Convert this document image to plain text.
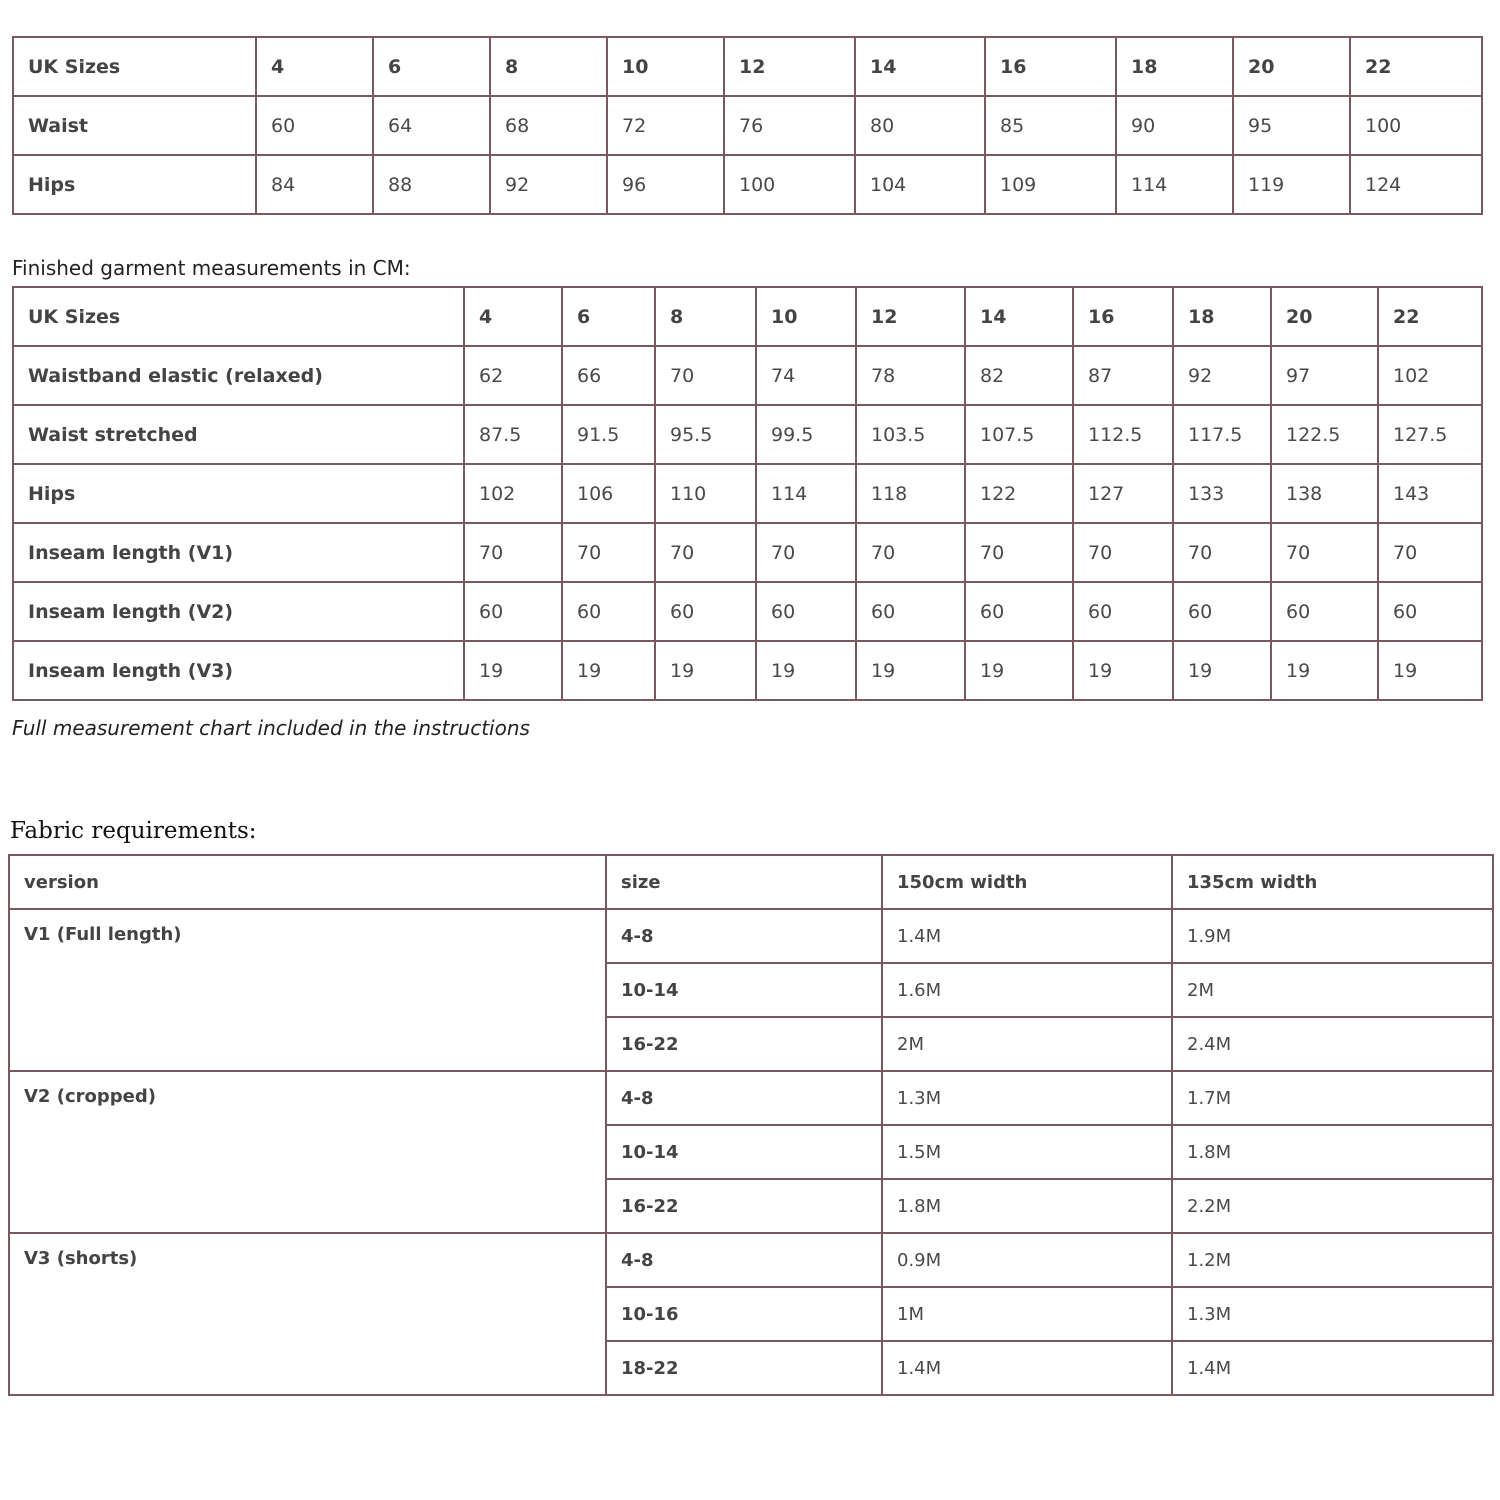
UK Sizes	4	6	8	10	12	14	16	18	20	22
Waist	60	64	68	72	76	80	85	90	95	100
Hips	84	88	92	96	100	104	109	114	119	124
Finished garment measurements in CM:
UK Sizes	4	6	8	10	12	14	16	18	20	22
Waistband elastic (relaxed)	62	66	70	74	78	82	87	92	97	102
Waist stretched	87.5	91.5	95.5	99.5	103.5	107.5	112.5	117.5	122.5	127.5
Hips	102	106	110	114	118	122	127	133	138	143
Inseam length (V1)	70	70	70	70	70	70	70	70	70	70
Inseam length (V2)	60	60	60	60	60	60	60	60	60	60
Inseam length (V3)	19	19	19	19	19	19	19	19	19	19
Full measurement chart included in the instructions
Fabric requirements:
version	size	150cm width	135cm width
V1 (Full length)	4-8	1.4M	1.9M
	10-14	1.6M	2M
	16-22	2M	2.4M
V2 (cropped)	4-8	1.3M	1.7M
	10-14	1.5M	1.8M
	16-22	1.8M	2.2M
V3 (shorts)	4-8	0.9M	1.2M
	10-16	1M	1.3M
	18-22	1.4M	1.4M
